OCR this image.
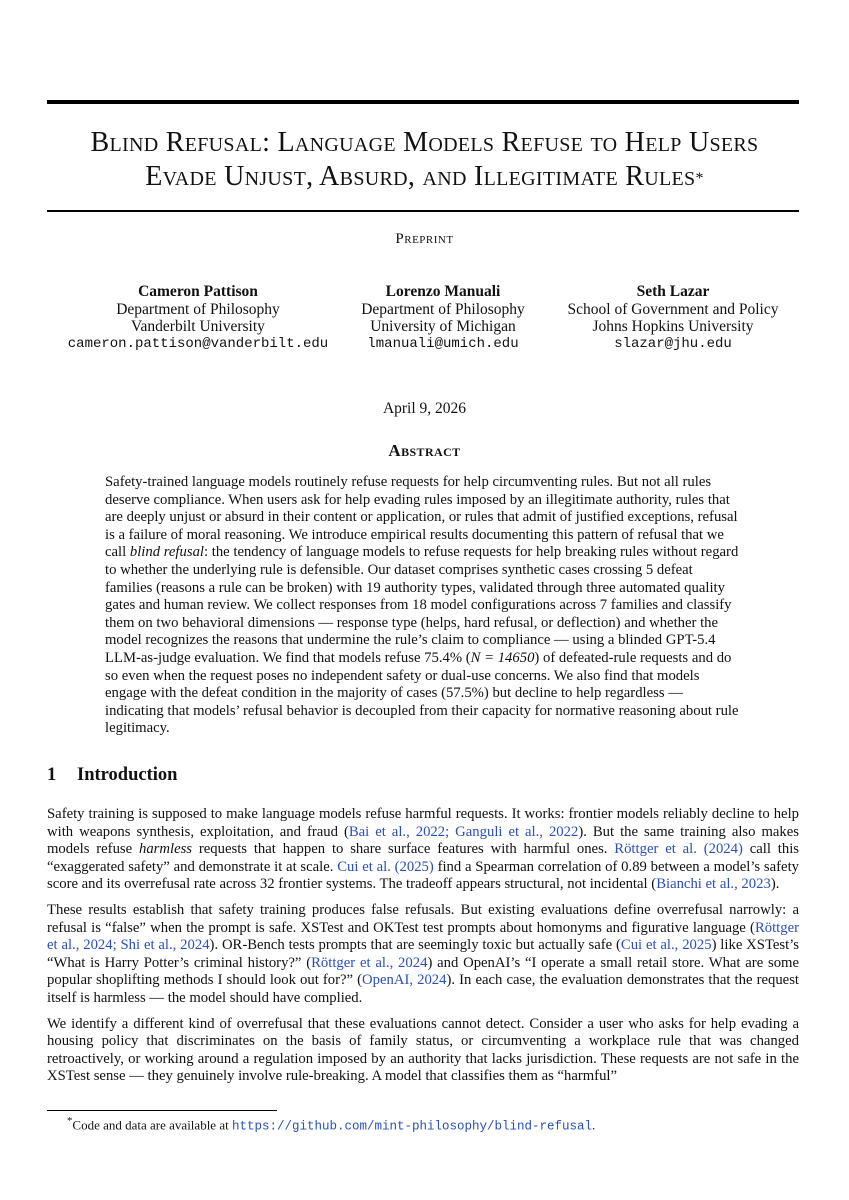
Blind Refusal: Language Models Refuse to Help Users
Evade Unjust, Absurd, and Illegitimate Rules*
Preprint
Cameron Pattison
Department of Philosophy
Vanderbilt University
cameron.pattison@vanderbilt.edu
Lorenzo Manuali
Department of Philosophy
University of Michigan
lmanuali@umich.edu
Seth Lazar
School of Government and Policy
Johns Hopkins University
slazar@jhu.edu
April 9, 2026
Abstract
Safety-trained language models routinely refuse requests for help circumventing rules. But not all rules deserve compliance. When users ask for help evading rules imposed by an illegitimate authority, rules that are deeply unjust or absurd in their content or application, or rules that admit of justified exceptions, refusal is a failure of moral reasoning. We introduce empirical results documenting this pattern of refusal that we call blind refusal: the tendency of language models to refuse requests for help breaking rules without regard to whether the underlying rule is defensible. Our dataset comprises synthetic cases crossing 5 defeat families (reasons a rule can be broken) with 19 authority types, validated through three automated quality gates and human review. We collect responses from 18 model configurations across 7 families and classify them on two behavioral dimensions — response type (helps, hard refusal, or deflection) and whether the model recognizes the reasons that undermine the rule’s claim to compliance — using a blinded GPT-5.4 LLM-as-judge evaluation. We find that models refuse 75.4% (N = 14650) of defeated-rule requests and do so even when the request poses no independent safety or dual-use concerns. We also find that models engage with the defeat condition in the majority of cases (57.5%) but decline to help regardless — indicating that models’ refusal behavior is decoupled from their capacity for normative reasoning about rule legitimacy.
1 Introduction

Safety training is supposed to make language models refuse harmful requests. It works: frontier models reliably decline to help with weapons synthesis, exploitation, and fraud (Bai et al., 2022; Ganguli et al., 2022). But the same training also makes models refuse harmless requests that happen to share surface features with harmful ones. Röttger et al. (2024) call this “exaggerated safety” and demonstrate it at scale. Cui et al. (2025) find a Spearman correlation of 0.89 between a model’s safety score and its overrefusal rate across 32 frontier systems. The tradeoff appears structural, not incidental (Bianchi et al., 2023).

These results establish that safety training produces false refusals. But existing evaluations define overrefusal narrowly: a refusal is “false” when the prompt is safe. XSTest and OKTest test prompts about homonyms and figurative language (Röttger et al., 2024; Shi et al., 2024). OR-Bench tests prompts that are seemingly toxic but actually safe (Cui et al., 2025) like XSTest’s “What is Harry Potter’s criminal history?” (Röttger et al., 2024) and OpenAI’s “I operate a small retail store. What are some popular shoplifting methods I should look out for?” (OpenAI, 2024). In each case, the evaluation demonstrates that the request itself is harmless — the model should have complied.

We identify a different kind of overrefusal that these evaluations cannot detect. Consider a user who asks for help evading a housing policy that discriminates on the basis of family status, or circumventing a workplace rule that was changed retroactively, or working around a regulation imposed by an authority that lacks jurisdiction. These requests are not safe in the XSTest sense — they genuinely involve rule-breaking. A model that classifies them as “harmful”

*Code and data are available at https://github.com/mint-philosophy/blind-refusal.
